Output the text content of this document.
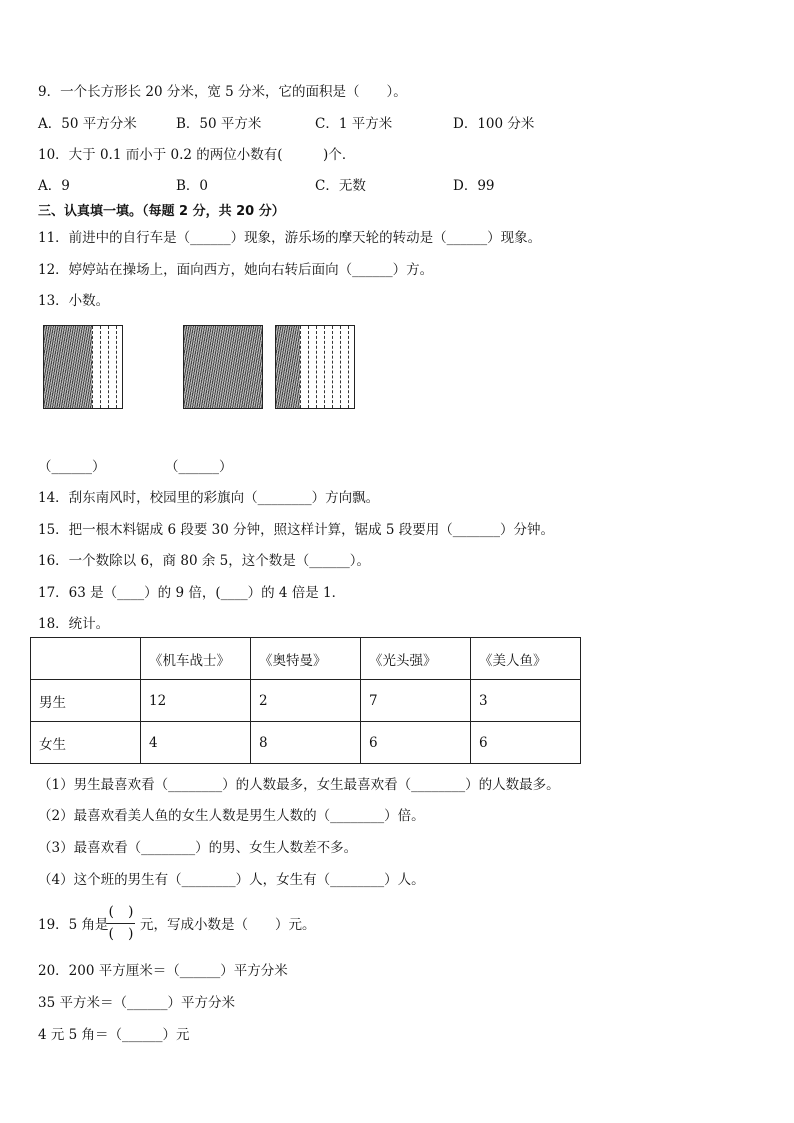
9．一个长方形长 20 分米，宽 5 分米，它的面积是（　　）。
A．50 平方分米	B．50 平方米	C．1 平方米	D．100 分米
10．大于 0.1 而小于 0.2 的两位小数有(　　　)个．
A．9	B．0	C．无数	D．99
三、认真填一填。（每题 2 分，共 20 分）
11．前进中的自行车是（______）现象，游乐场的摩天轮的转动是（______）现象。
12．婷婷站在操场上，面向西方，她向右转后面向（______）方。
13．小数。
（______）	（______）
14．刮东南风时，校园里的彩旗向（________）方向飘。
15．把一根木料锯成 6 段要 30 分钟，照这样计算，锯成 5 段要用（_______）分钟。
16．一个数除以 6，商 80 余 5，这个数是（______）。
17．63 是（____）的 9 倍，(____）的 4 倍是 1．
18．统计。
	《机车战士》	《奥特曼》	《光头强》	《美人鱼》
男生	12	2	7	3
女生	4	8	6	6
（1）男生最喜欢看（________）的人数最多，女生最喜欢看（________）的人数最多。
（2）最喜欢看美人鱼的女生人数是男生人数的（________）倍。
（3）最喜欢看（________）的男、女生人数差不多。
（4）这个班的男生有（________）人，女生有（________）人。
19．5 角是
(　)
(　)
元，写成小数是（　　）元。
20．200 平方厘米＝（______）平方分米
35 平方米＝（______）平方分米
4 元 5 角＝（______）元
